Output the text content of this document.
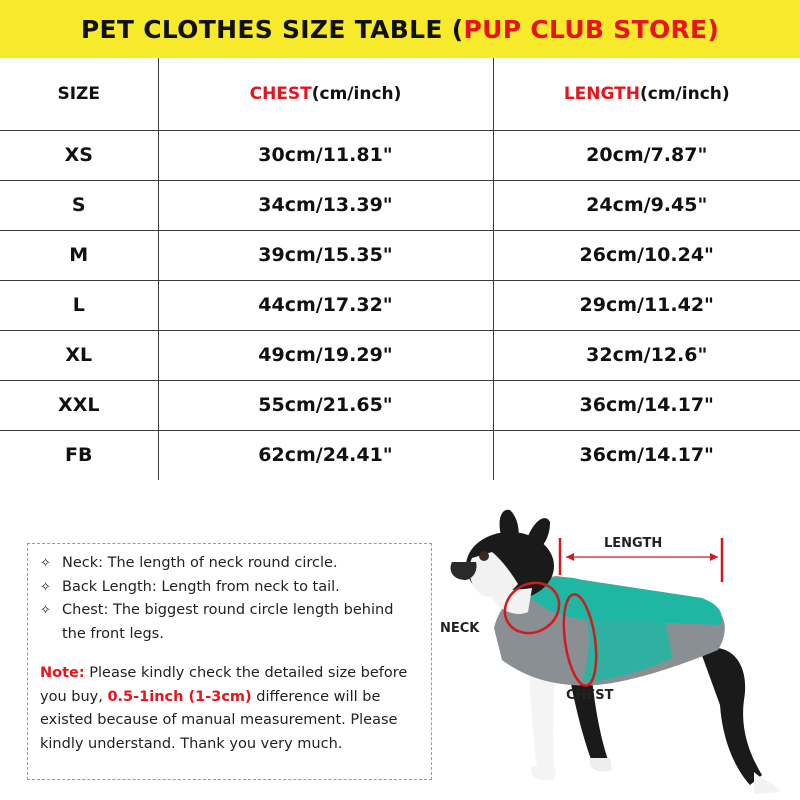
PET CLOTHES SIZE TABLE ( PUP CLUB STORE )
SIZE	CHEST(cm/inch)	LENGTH(cm/inch)
XS	30cm/11.81"	20cm/7.87"
S	34cm/13.39"	24cm/9.45"
M	39cm/15.35"	26cm/10.24"
L	44cm/17.32"	29cm/11.42"
XL	49cm/19.29"	32cm/12.6"
XXL	55cm/21.65"	36cm/14.17"
FB	62cm/24.41"	36cm/14.17"
✧ Neck: The length of neck round circle.
✧ Back Length: Length from neck to tail.
✧ Chest: The biggest round circle length behind the front legs.
Note: Please kindly check the detailed size before you buy, 0.5-1inch (1-3cm) difference will be existed because of manual measurement. Please kindly understand. Thank you very much.
LENGTH
NECK
CHEST
